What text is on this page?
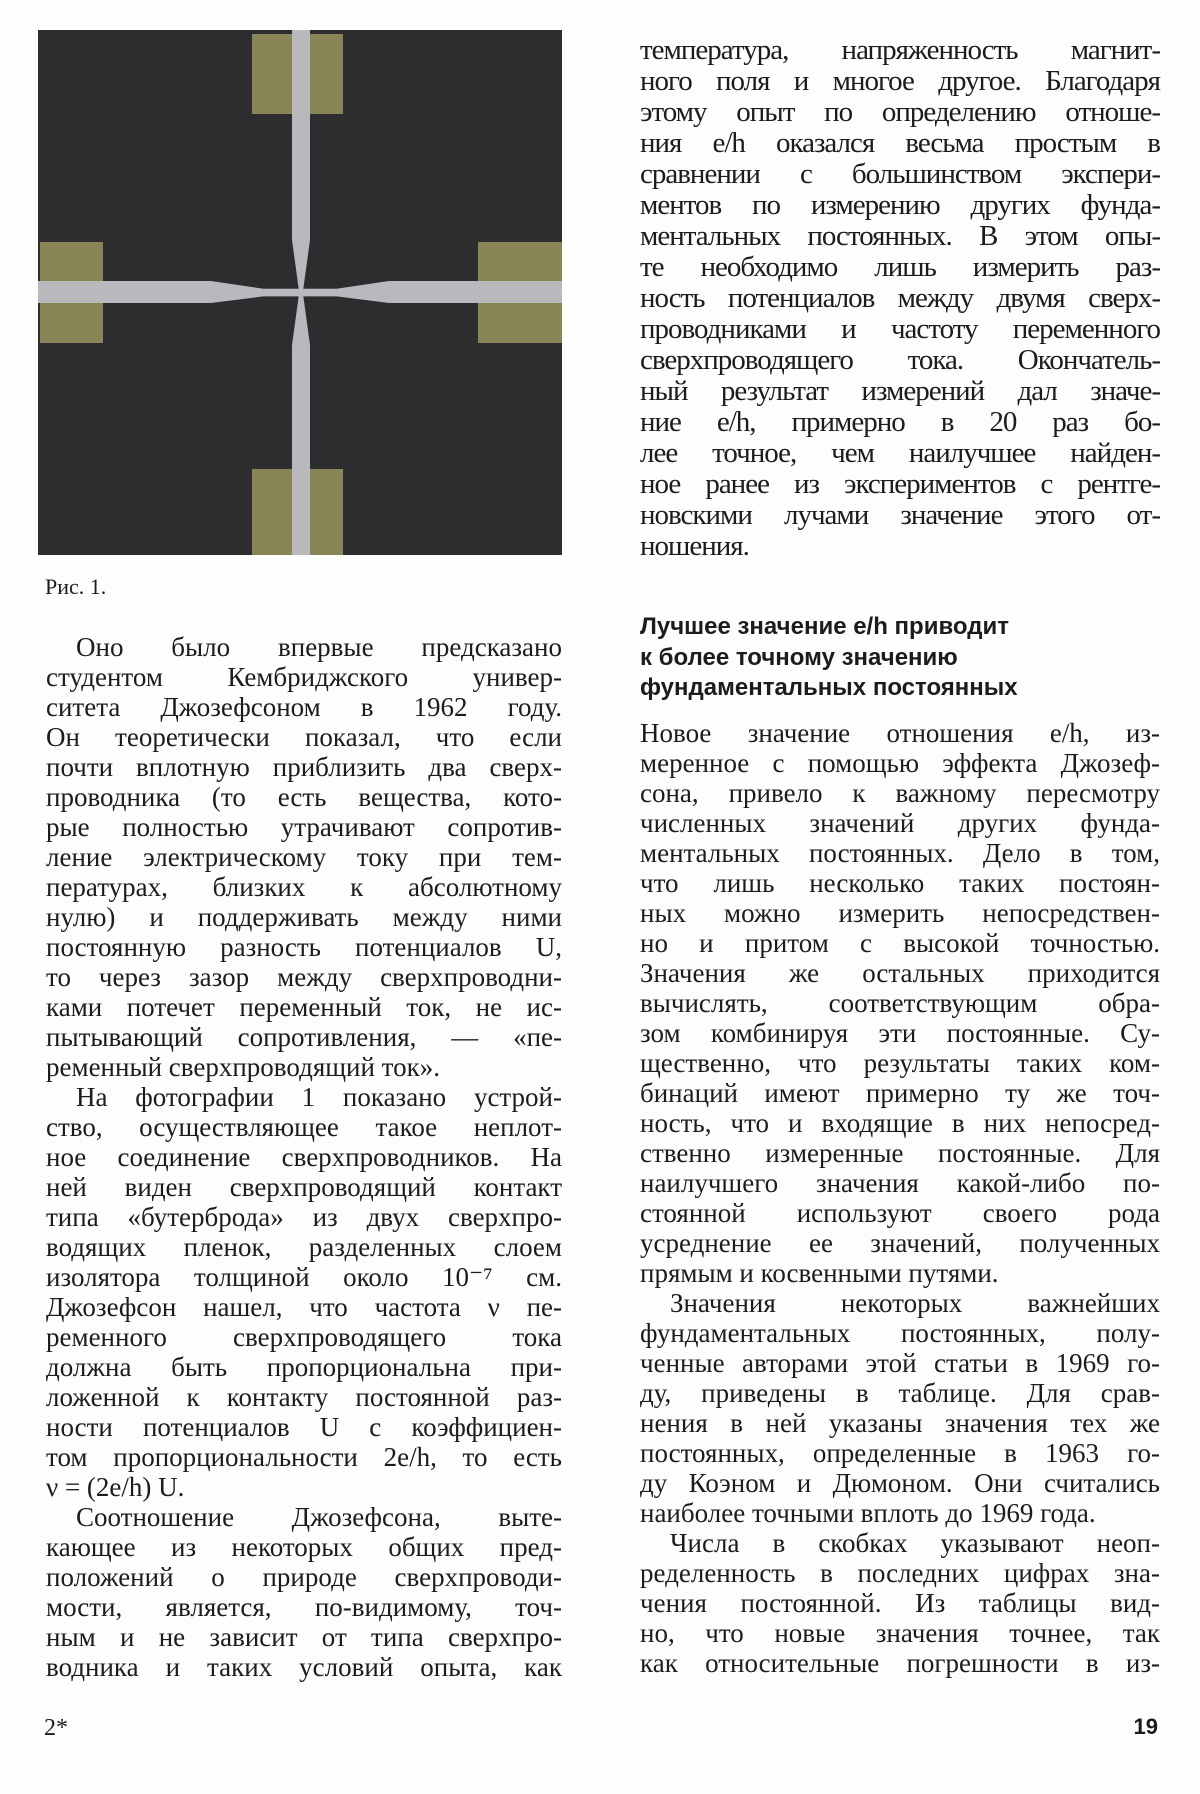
Рис. 1.
Оно было впервые предсказано
студентом Кембриджского универ-
ситета Джозефсоном в 1962 году.
Он теоретически показал, что если
почти вплотную приблизить два сверх-
проводника (то есть вещества, кото-
рые полностью утрачивают сопротив-
ление электрическому току при тем-
пературах, близких к абсолютному
нулю) и поддерживать между ними
постоянную разность потенциалов U,
то через зазор между сверхпроводни-
ками потечет переменный ток, не ис-
пытывающий сопротивления, — «пе-
ременный сверхпроводящий ток».
На фотографии 1 показано устрой-
ство, осуществляющее такое неплот-
ное соединение сверхпроводников. На
ней виден сверхпроводящий контакт
типа «бутерброда» из двух сверхпро-
водящих пленок, разделенных слоем
изолятора толщиной около 10⁻⁷ см.
Джозефсон нашел, что частота ν пе-
ременного сверхпроводящего тока
должна быть пропорциональна при-
ложенной к контакту постоянной раз-
ности потенциалов U с коэффициен-
том пропорциональности 2e/h, то есть
ν = (2e/h) U.
Соотношение Джозефсона, выте-
кающее из некоторых общих пред-
положений о природе сверхпроводи-
мости, является, по-видимому, точ-
ным и не зависит от типа сверхпро-
водника и таких условий опыта, как
температура, напряженность магнит-
ного поля и многое другое. Благодаря
этому опыт по определению отноше-
ния e/h оказался весьма простым в
сравнении с большинством экспери-
ментов по измерению других фунда-
ментальных постоянных. В этом опы-
те необходимо лишь измерить раз-
ность потенциалов между двумя сверх-
проводниками и частоту переменного
сверхпроводящего тока. Окончатель-
ный результат измерений дал значе-
ние e/h, примерно в 20 раз бо-
лее точное, чем наилучшее найден-
ное ранее из экспериментов с рентге-
новскими лучами значение этого от-
ношения.
Лучшее значение e/h приводит
к более точному значению
фундаментальных постоянных
Новое значение отношения e/h, из-
меренное с помощью эффекта Джозеф-
сона, привело к важному пересмотру
численных значений других фунда-
ментальных постоянных. Дело в том,
что лишь несколько таких постоян-
ных можно измерить непосредствен-
но и притом с высокой точностью.
Значения же остальных приходится
вычислять, соответствующим обра-
зом комбинируя эти постоянные. Су-
щественно, что результаты таких ком-
бинаций имеют примерно ту же точ-
ность, что и входящие в них непосред-
ственно измеренные постоянные. Для
наилучшего значения какой-либо по-
стоянной используют своего рода
усреднение ее значений, полученных
прямым и косвенными путями.
Значения некоторых важнейших
фундаментальных постоянных, полу-
ченные авторами этой статьи в 1969 го-
ду, приведены в таблице. Для срав-
нения в ней указаны значения тех же
постоянных, определенные в 1963 го-
ду Коэном и Дюмоном. Они считались
наиболее точными вплоть до 1969 года.
Числа в скобках указывают неоп-
ределенность в последних цифрах зна-
чения постоянной. Из таблицы вид-
но, что новые значения точнее, так
как относительные погрешности в из-
19
2*
